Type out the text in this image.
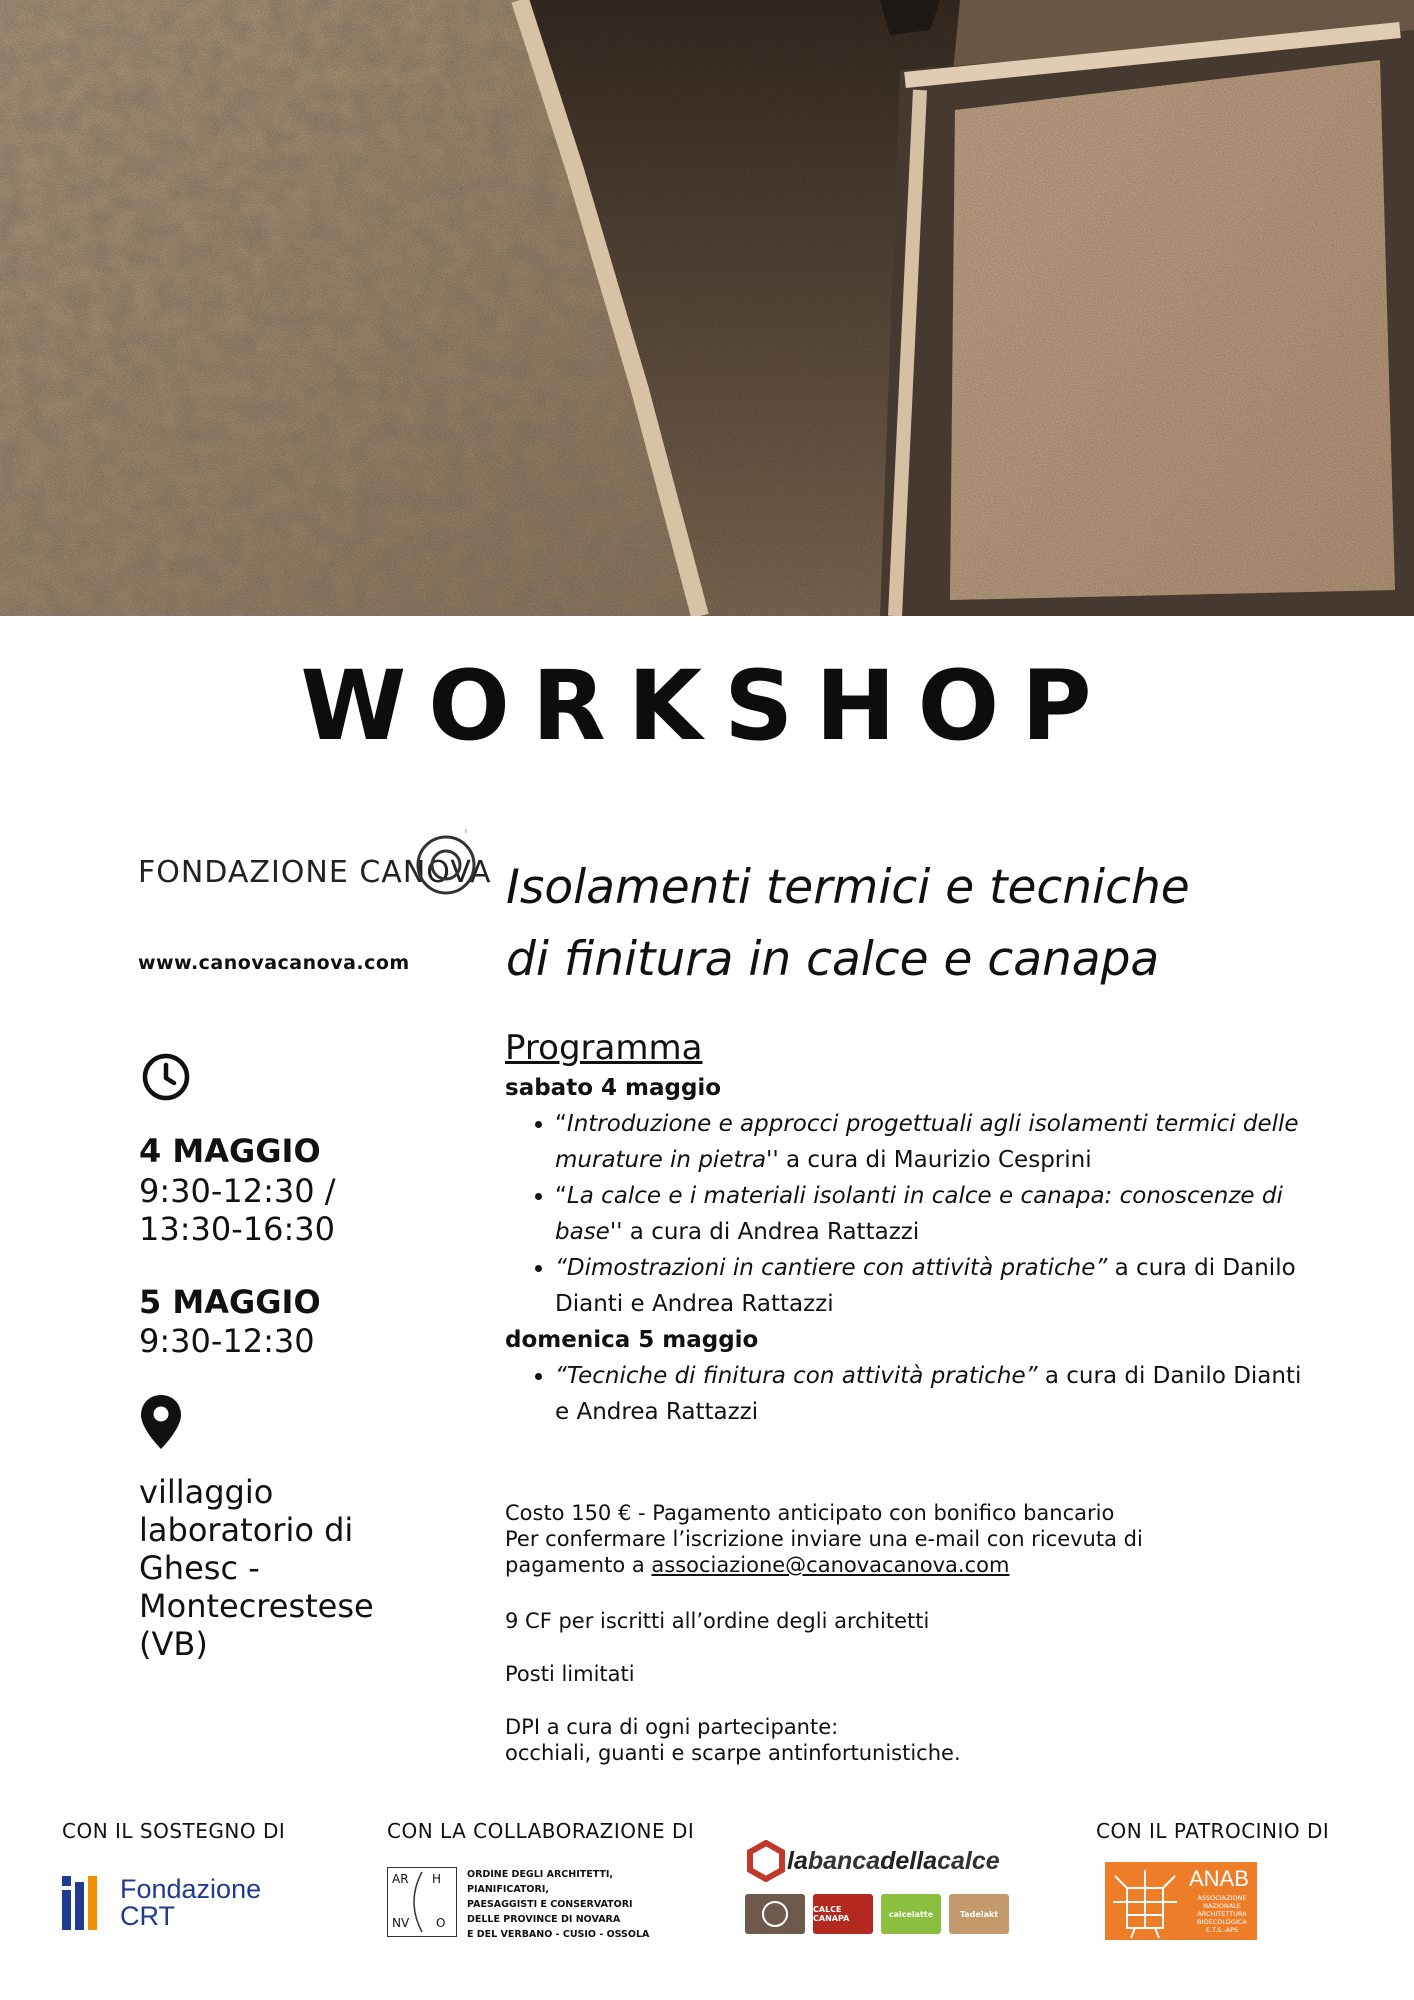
WORKSHOP
FONDAZIONE CANOVA
www.canovacanova.com
Isolamenti termici e tecniche
di finitura in calce e canapa
4 MAGGIO
9:30-12:30 /
13:30-16:30
5 MAGGIO
9:30-12:30
villaggio
laboratorio di
Ghesc -
Montecrestese
(VB)
Programma
sabato 4 maggio
• “Introduzione e approcci progettuali agli isolamenti termici delle murature in pietra'' a cura di Maurizio Cesprini
• “La calce e i materiali isolanti in calce e canapa: conoscenze di base'' a cura di Andrea Rattazzi
• “Dimostrazioni in cantiere con attività pratiche” a cura di Danilo Dianti e Andrea Rattazzi
domenica 5 maggio
• “Tecniche di finitura con attività pratiche” a cura di Danilo Dianti e Andrea Rattazzi
Costo 150 € - Pagamento anticipato con bonifico bancario
Per confermare l’iscrizione inviare una e-mail con ricevuta di
pagamento a associazione@canovacanova.com
9 CF per iscritti all’ordine degli architetti
Posti limitati
DPI a cura di ogni partecipante:
occhiali, guanti e scarpe antinfortunistiche.
CON IL SOSTEGNO DI	CON LA COLLABORAZIONE DI	CON IL PATROCINIO DI
Fondazione
CRT
AR H
NV O
ORDINE DEGLI ARCHITETTI, PIANIFICATORI,
PAESAGGISTI E CONSERVATORI
DELLE PROVINCE DI NOVARA
E DEL VERBANO - CUSIO - OSSOLA
labancadellacalce
CALCE CANAPA	calcelatte	Tadelakt
ANAB
ASSOCIAZIONE NAZIONALE ARCHITETTURA BIOECOLOGICA E.T.S.-APS
